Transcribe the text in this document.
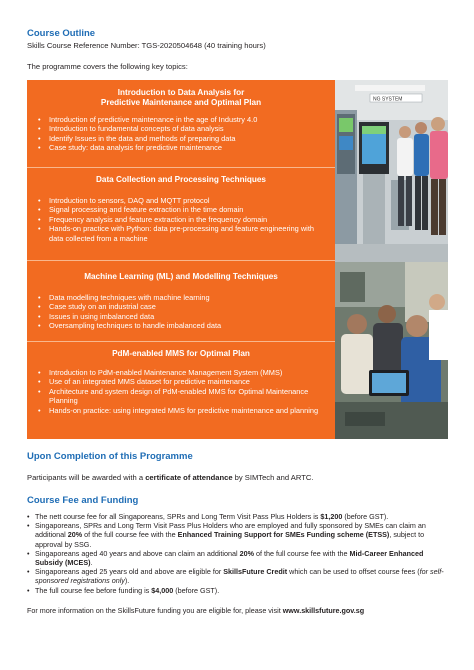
Course Outline
Skills Course Reference Number: TGS-2020504648 (40 training hours)
The programme covers the following key topics:
Introduction to Data Analysis for
Predictive Maintenance and Optimal Plan
• Introduction of predictive maintenance in the age of Industry 4.0
• Introduction to fundamental concepts of data analysis
• Identify Issues in the data and methods of preparing data
• Case study: data analysis for predictive maintenance
Data Collection and Processing Techniques
• Introduction to sensors, DAQ and MQTT protocol
• Signal processing and feature extraction in the time domain
• Frequency analysis and feature extraction in the frequency domain
• Hands-on practice with Python: data pre-processing and feature engineering with data collected from a machine
Machine Learning (ML) and Modelling Techniques
• Data modelling techniques with machine learning
• Case study on an industrial case
• Issues in using imbalanced data
• Oversampling techniques to handle imbalanced data
PdM-enabled MMS for Optimal Plan
• Introduction to PdM-enabled Maintenance Management System (MMS)
• Use of an integrated MMS dataset for predictive maintenance
• Architecture and system design of PdM-enabled MMS for Optimal Maintenance Planning
• Hands-on practice: using integrated MMS for predictive maintenance and planning
NG SYSTEM
Upon Completion of this Programme
Participants will be awarded with a certificate of attendance by SIMTech and ARTC.
Course Fee and Funding
• The nett course fee for all Singaporeans, SPRs and Long Term Visit Pass Plus Holders is $1,200 (before GST).
• Singaporeans, SPRs and Long Term Visit Pass Plus Holders who are employed and fully sponsored by SMEs can claim an additional 20% of the full course fee with the Enhanced Training Support for SMEs Funding scheme (ETSS), subject to approval by SSG.
• Singaporeans aged 40 years and above can claim an additional 20% of the full course fee with the Mid-Career Enhanced Subsidy (MCES).
• Singaporeans aged 25 years old and above are eligible for SkillsFuture Credit which can be used to offset course fees (for self-sponsored registrations only).
• The full course fee before funding is $4,000 (before GST).
For more information on the SkillsFuture funding you are eligible for, please visit www.skillsfuture.gov.sg
